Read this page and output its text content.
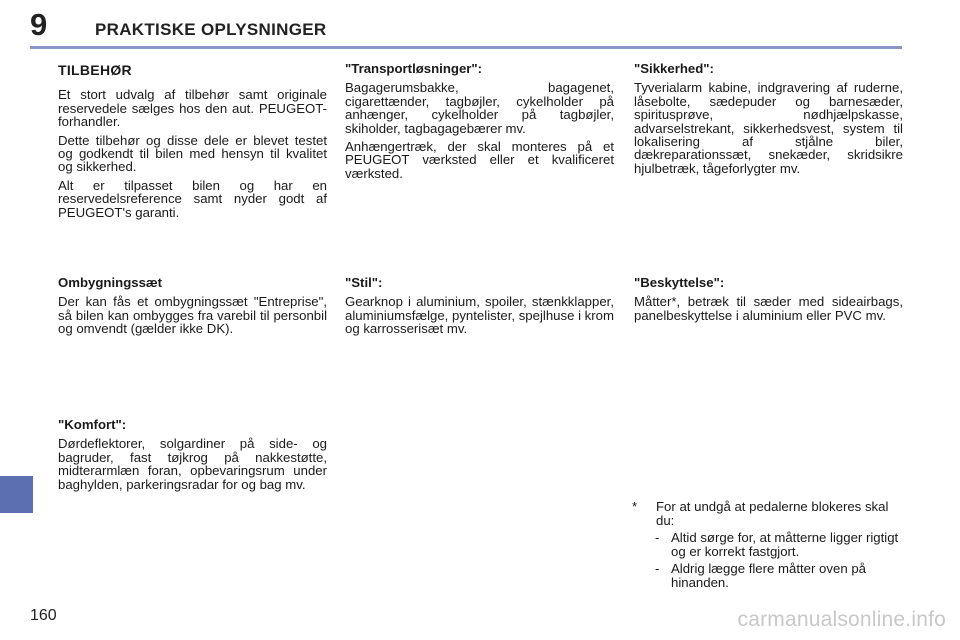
9	PRAKTISKE OPLYSNINGER
TILBEHØR

Et stort udvalg af tilbehør samt originale reservedele sælges hos den aut. PEUGEOT-forhandler.

Dette tilbehør og disse dele er blevet testet og godkendt til bilen med hensyn til kvalitet og sikkerhed.

Alt er tilpasset bilen og har en reservedelsreference samt nyder godt af PEUGEOT's garanti.

Ombygningssæt

Der kan fås et ombygningssæt "Entreprise", så bilen kan ombygges fra varebil til personbil og omvendt (gælder ikke DK).

"Komfort":

Dørdeflektorer, solgardiner på side- og bagruder, fast tøjkrog på nakkestøtte, midterarmlæn foran, opbevaringsrum under baghylden, parkeringsradar for og bag mv.

"Transportløsninger":

Bagagerumsbakke, bagagenet, cigarettænder, tagbøjler, cykelholder på anhænger, cykelholder på tagbøjler, skiholder, tagbagagebærer mv.

Anhængertræk, der skal monteres på et PEUGEOT værksted eller et kvalificeret værksted.

"Stil":

Gearknop i aluminium, spoiler, stænkklapper, aluminiumsfælge, pyntelister, spejlhuse i krom og karrosserisæt mv.

"Sikkerhed":

Tyverialarm kabine, indgravering af ruderne, låsebolte, sædepuder og barnesæder, spiritusprøve, nødhjælpskasse, advarselstrekant, sikkerhedsvest, system til lokalisering af stjålne biler, dækreparationssæt, snekæder, skridsikre hjulbetræk, tågeforlygter mv.

"Beskyttelse":

Måtter*, betræk til sæder med sideairbags, panelbeskyttelse i aluminium eller PVC mv.

*	For at undgå at pedalerne blokeres skal du:
- Altid sørge for, at måtterne ligger rigtigt og er korrekt fastgjort.
- Aldrig lægge flere måtter oven på hinanden.
160	carmanualsonline.info
